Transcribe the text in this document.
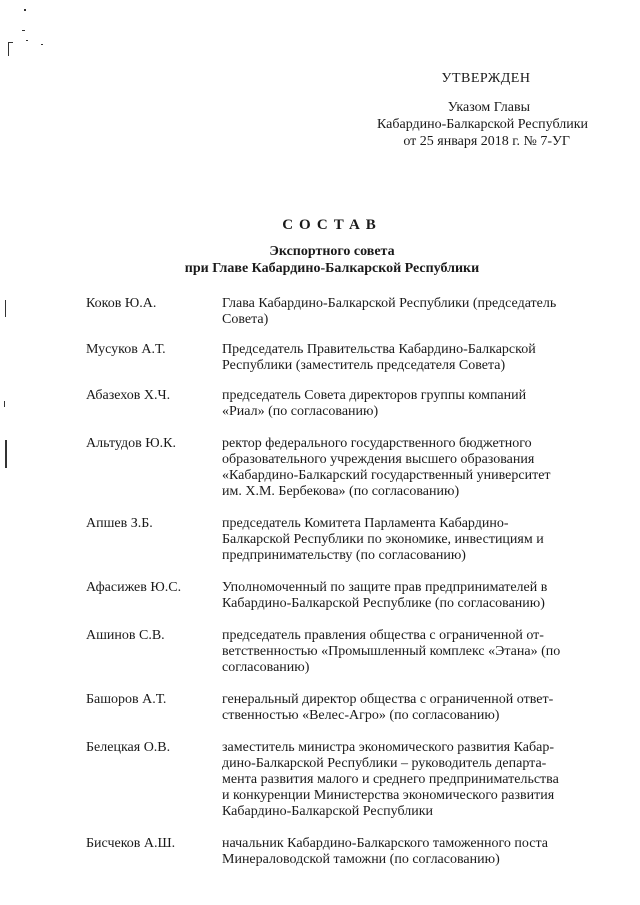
УТВЕРЖДЕН
Указом Главы
Кабардино-Балкарской Республики
от 25 января 2018 г. № 7-УГ
СОСТАВ
Экспортного совета
при Главе Кабардино-Балкарской Республики
Коков Ю.А.	Глава Кабардино-Балкарской Республики (председатель
Совета)
Мусуков А.Т.	Председатель Правительства Кабардино-Балкарской
Республики (заместитель председателя Совета)
Абазехов Х.Ч.	председатель Совета директоров группы компаний
«Риал» (по согласованию)
Альтудов Ю.К.	ректор федерального государственного бюджетного
образовательного учреждения высшего образования
«Кабардино-Балкарский государственный университет
им. Х.М. Бербекова» (по согласованию)
Апшев З.Б.	председатель Комитета Парламента Кабардино-
Балкарской Республики по экономике, инвестициям и
предпринимательству (по согласованию)
Афасижев Ю.С.	Уполномоченный по защите прав предпринимателей в
Кабардино-Балкарской Республике (по согласованию)
Ашинов С.В.	председатель правления общества с ограниченной от-
ветственностью «Промышленный комплекс «Этана» (по
согласованию)
Башоров А.Т.	генеральный директор общества с ограниченной ответ-
ственностью «Велес-Агро» (по согласованию)
Белецкая О.В.	заместитель министра экономического развития Кабар-
дино-Балкарской Республики – руководитель департа-
мента развития малого и среднего предпринимательства
и конкуренции Министерства экономического развития
Кабардино-Балкарской Республики
Бисчеков А.Ш.	начальник Кабардино-Балкарского таможенного поста
Минераловодской таможни (по согласованию)
